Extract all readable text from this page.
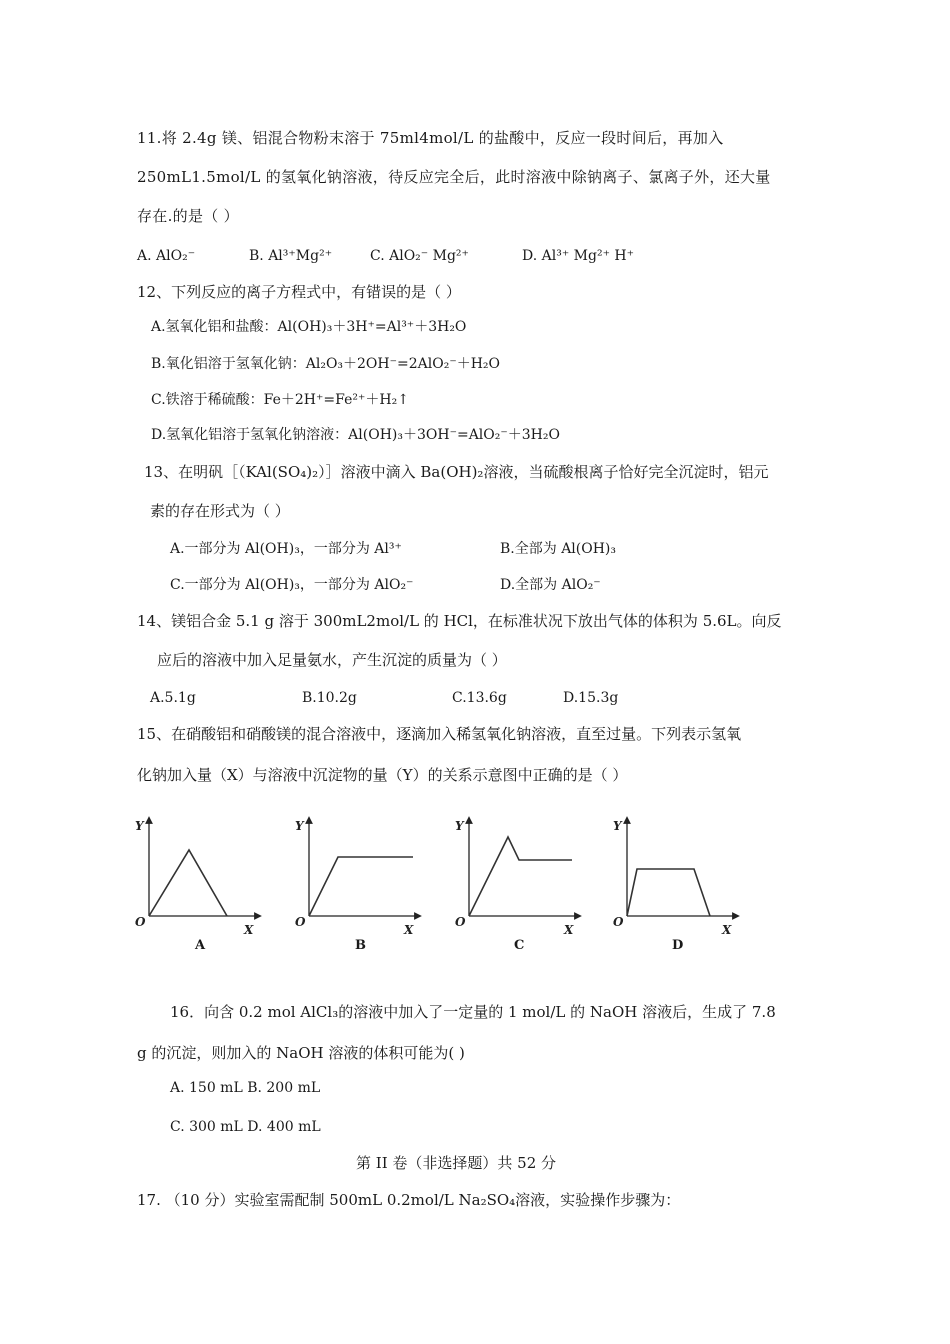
11.将 2.4g 镁、铝混合物粉末溶于 75ml4mol/L 的盐酸中，反应一段时间后，再加入
250mL1.5mol/L 的氢氧化钠溶液，待反应完全后，此时溶液中除钠离子、氯离子外，还大量
存在.的是（ ）
A. AlO₂⁻	B. Al³⁺Mg²⁺	C. AlO₂⁻ Mg²⁺	D. Al³⁺ Mg²⁺ H⁺
12、下列反应的离子方程式中，有错误的是（ ）
A.氢氧化铝和盐酸：Al(OH)₃＋3H⁺=Al³⁺＋3H₂O
B.氧化铝溶于氢氧化钠：Al₂O₃＋2OH⁻=2AlO₂⁻＋H₂O
C.铁溶于稀硫酸：Fe＋2H⁺=Fe²⁺＋H₂↑
D.氢氧化铝溶于氢氧化钠溶液：Al(OH)₃＋3OH⁻=AlO₂⁻＋3H₂O
13、在明矾［（KAl(SO₄)₂）］溶液中滴入 Ba(OH)₂溶液，当硫酸根离子恰好完全沉淀时，铝元
素的存在形式为（ ）
A.一部分为 Al(OH)₃，一部分为 Al³⁺	B.全部为 Al(OH)₃
C.一部分为 Al(OH)₃，一部分为 AlO₂⁻	D.全部为 AlO₂⁻
14、镁铝合金 5.1 g 溶于 300mL2mol/L 的 HCl，在标准状况下放出气体的体积为 5.6L。向反
应后的溶液中加入足量氨水，产生沉淀的质量为（ ）
A.5.1g	B.10.2g	C.13.6g	D.15.3g
15、在硝酸铝和硝酸镁的混合溶液中，逐滴加入稀氢氧化钠溶液，直至过量。下列表示氢氧
化钠加入量（X）与溶液中沉淀物的量（Y）的关系示意图中正确的是（ ）
Y
O
X
A
Y
O
X
B
Y
O
X
C
Y
O
X
D
16．向含 0.2 mol AlCl₃的溶液中加入了一定量的 1 mol/L 的 NaOH 溶液后，生成了 7.8
g 的沉淀，则加入的 NaOH 溶液的体积可能为( )
A. 150 mL B. 200 mL
C. 300 mL D. 400 mL
第 II 卷（非选择题）共 52 分
17. （10 分）实验室需配制 500mL 0.2mol/L Na₂SO₄溶液，实验操作步骤为：
